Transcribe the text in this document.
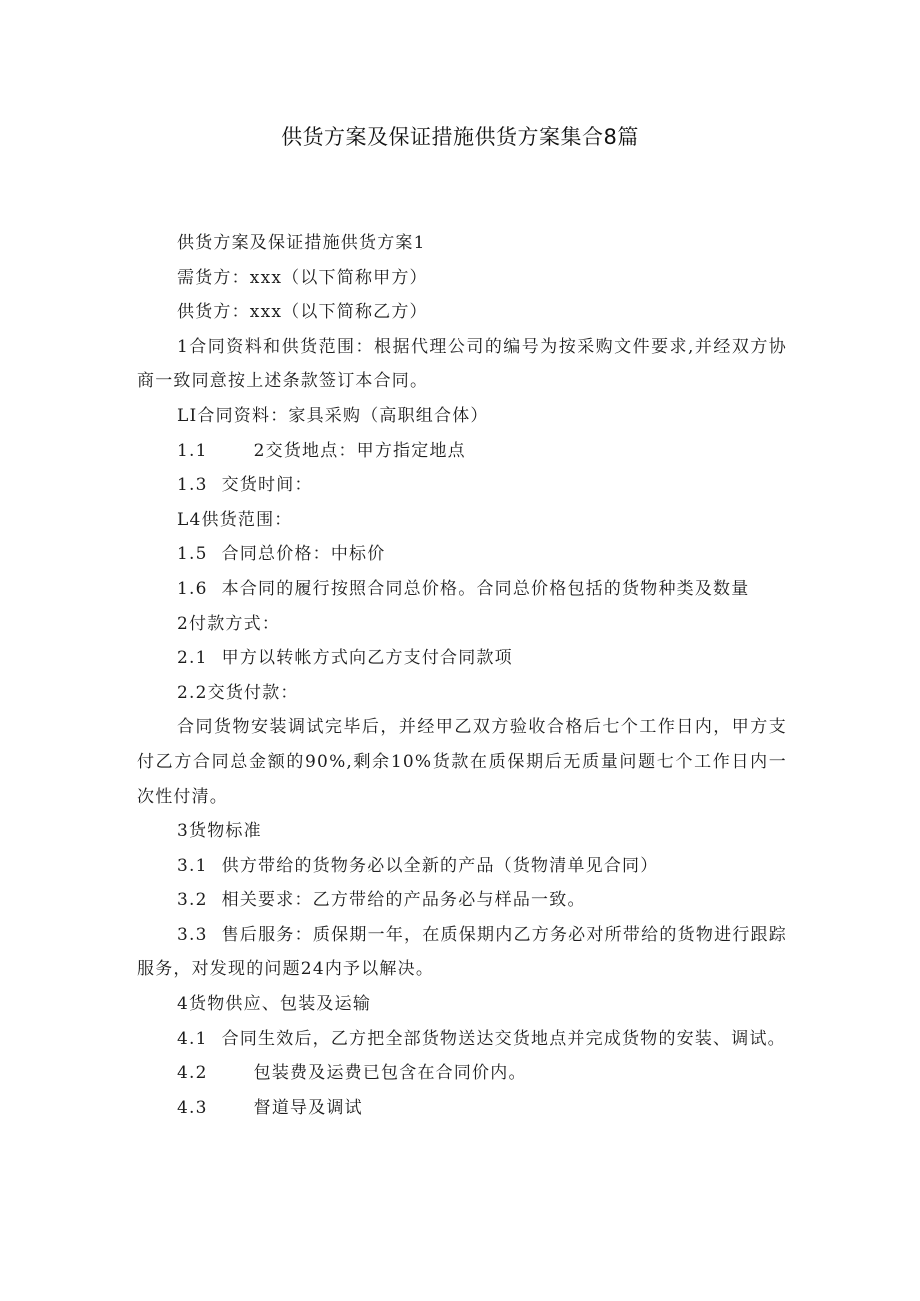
供货方案及保证措施供货方案集合8篇

供货方案及保证措施供货方案1

需货方：xxx（以下简称甲方）

供货方：xxx（以下简称乙方）

1合同资料和供货范围：根据代理公司的编号为按采购文件要求,并经双方协商一致同意按上述条款签订本合同。

LI合同资料：家具采购（高职组合体）

1.1	2交货地点：甲方指定地点

1.3 交货时间：

L4供货范围：

1.5 合同总价格：中标价

1.6 本合同的履行按照合同总价格。合同总价格包括的货物种类及数量

2付款方式：

2.1 甲方以转帐方式向乙方支付合同款项

2.2交货付款：

合同货物安装调试完毕后，并经甲乙双方验收合格后七个工作日内，甲方支付乙方合同总金额的90%,剩余10%货款在质保期后无质量问题七个工作日内一次性付清。

3货物标准

3.1 供方带给的货物务必以全新的产品（货物清单见合同）

3.2 相关要求：乙方带给的产品务必与样品一致。

3.3 售后服务：质保期一年，在质保期内乙方务必对所带给的货物进行跟踪服务，对发现的问题24内予以解决。

4货物供应、包装及运输

4.1 合同生效后，乙方把全部货物送达交货地点并完成货物的安装、调试。

4.2	包装费及运费已包含在合同价内。

4.3	督道导及调试
